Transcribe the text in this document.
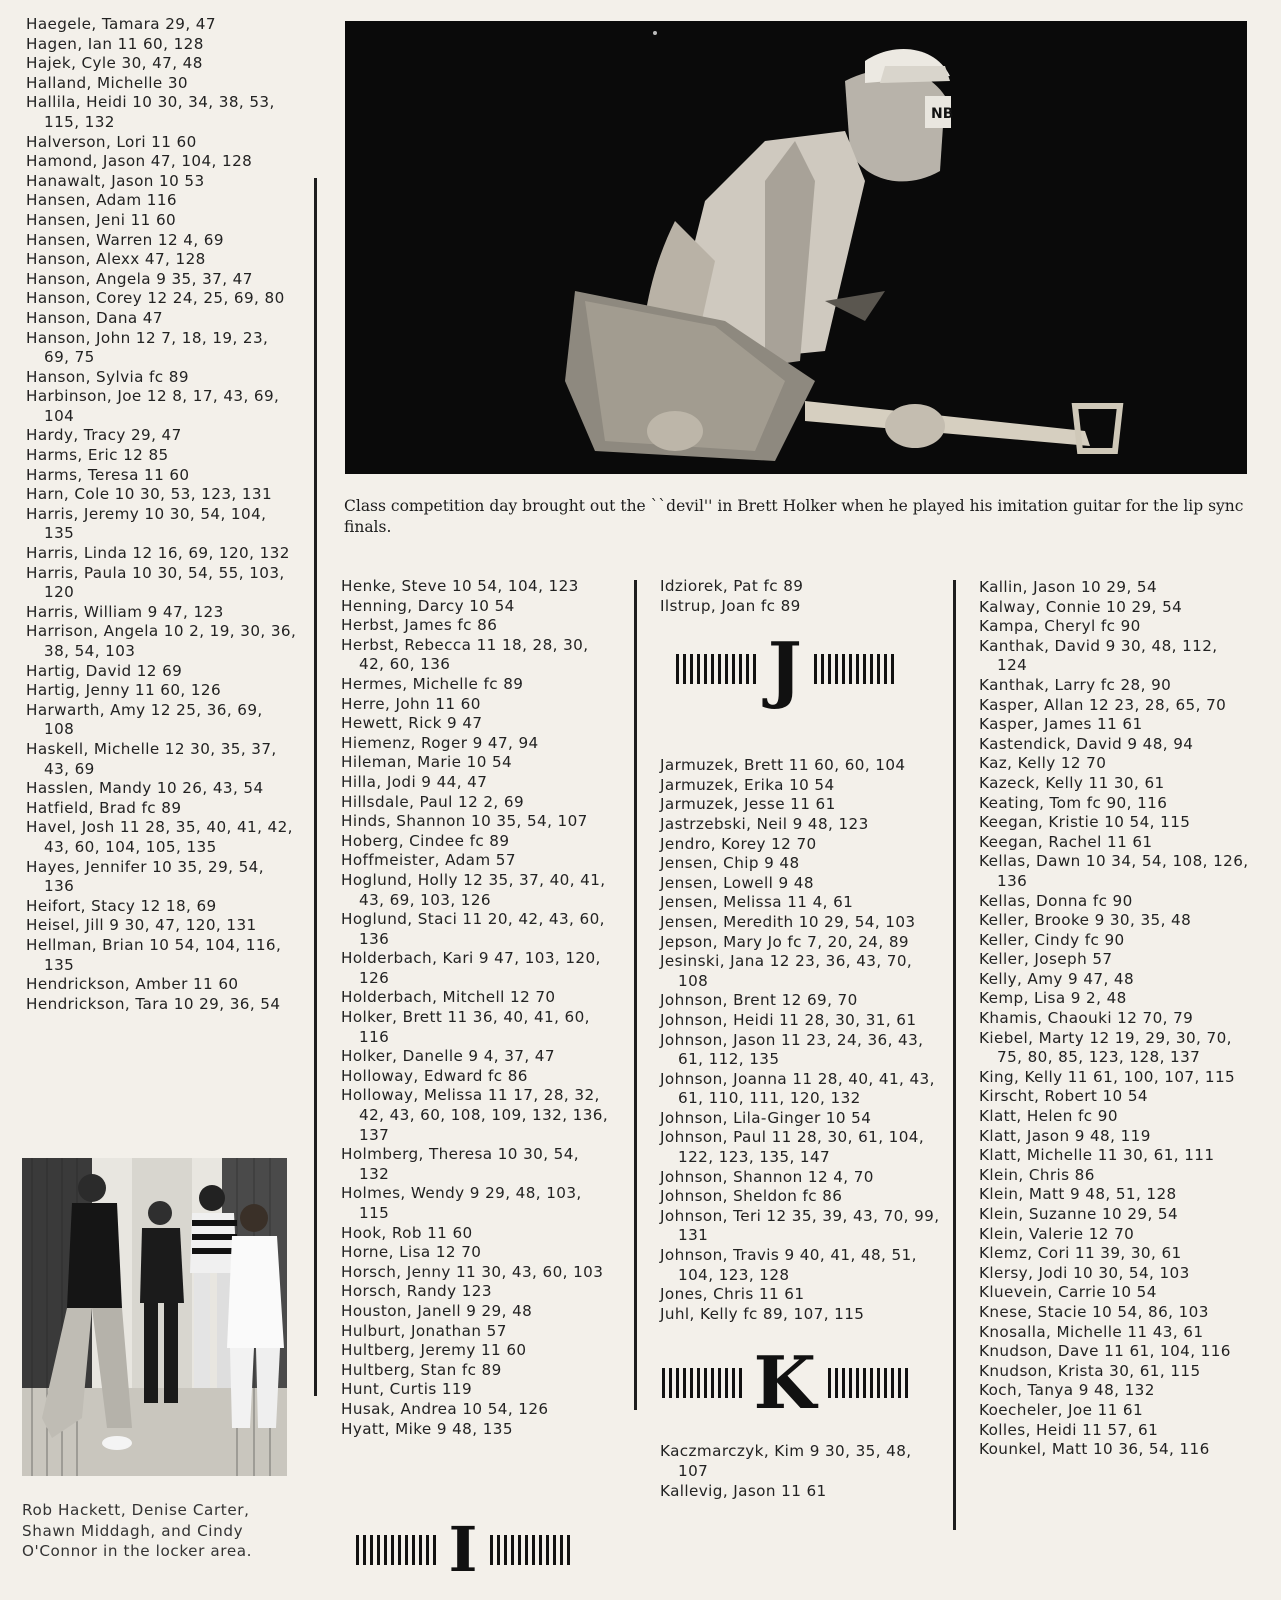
Haegele, Tamara 29, 47

Hagen, Ian 11 60, 128

Hajek, Cyle 30, 47, 48

Halland, Michelle 30

Hallila, Heidi 10 30, 34, 38, 53, 115, 132

Halverson, Lori 11 60

Hamond, Jason 47, 104, 128

Hanawalt, Jason 10 53

Hansen, Adam 116

Hansen, Jeni 11 60

Hansen, Warren 12 4, 69

Hanson, Alexx 47, 128

Hanson, Angela 9 35, 37, 47

Hanson, Corey 12 24, 25, 69, 80

Hanson, Dana 47

Hanson, John 12 7, 18, 19, 23, 69, 75

Hanson, Sylvia fc 89

Harbinson, Joe 12 8, 17, 43, 69, 104

Hardy, Tracy 29, 47

Harms, Eric 12 85

Harms, Teresa 11 60

Harn, Cole 10 30, 53, 123, 131

Harris, Jeremy 10 30, 54, 104, 135

Harris, Linda 12 16, 69, 120, 132

Harris, Paula 10 30, 54, 55, 103, 120

Harris, William 9 47, 123

Harrison, Angela 10 2, 19, 30, 36, 38, 54, 103

Hartig, David 12 69

Hartig, Jenny 11 60, 126

Harwarth, Amy 12 25, 36, 69, 108

Haskell, Michelle 12 30, 35, 37, 43, 69

Hasslen, Mandy 10 26, 43, 54

Hatfield, Brad fc 89

Havel, Josh 11 28, 35, 40, 41, 42, 43, 60, 104, 105, 135

Hayes, Jennifer 10 35, 29, 54, 136

Heifort, Stacy 12 18, 69

Heisel, Jill 9 30, 47, 120, 131

Hellman, Brian 10 54, 104, 116, 135

Hendrickson, Amber 11 60

Hendrickson, Tara 10 29, 36, 54

Rob Hackett, Denise Carter, Shawn Middagh, and Cindy O'Connor in the locker area.
NB
Class competition day brought out the ``devil'' in Brett Holker when he played his imitation guitar for the lip sync finals.

Henke, Steve 10 54, 104, 123

Henning, Darcy 10 54

Herbst, James fc 86

Herbst, Rebecca 11 18, 28, 30, 42, 60, 136

Hermes, Michelle fc 89

Herre, John 11 60

Hewett, Rick 9 47

Hiemenz, Roger 9 47, 94

Hileman, Marie 10 54

Hilla, Jodi 9 44, 47

Hillsdale, Paul 12 2, 69

Hinds, Shannon 10 35, 54, 107

Hoberg, Cindee fc 89

Hoffmeister, Adam 57

Hoglund, Holly 12 35, 37, 40, 41, 43, 69, 103, 126

Hoglund, Staci 11 20, 42, 43, 60, 136

Holderbach, Kari 9 47, 103, 120, 126

Holderbach, Mitchell 12 70

Holker, Brett 11 36, 40, 41, 60, 116

Holker, Danelle 9 4, 37, 47

Holloway, Edward fc 86

Holloway, Melissa 11 17, 28, 32, 42, 43, 60, 108, 109, 132, 136, 137

Holmberg, Theresa 10 30, 54, 132

Holmes, Wendy 9 29, 48, 103, 115

Hook, Rob 11 60

Horne, Lisa 12 70

Horsch, Jenny 11 30, 43, 60, 103

Horsch, Randy 123

Houston, Janell 9 29, 48

Hulburt, Jonathan 57

Hultberg, Jeremy 11 60

Hultberg, Stan fc 89

Hunt, Curtis 119

Husak, Andrea 10 54, 126

Hyatt, Mike 9 48, 135

I

Idziorek, Pat fc 89

Ilstrup, Joan fc 89

J

Jarmuzek, Brett 11 60, 60, 104

Jarmuzek, Erika 10 54

Jarmuzek, Jesse 11 61

Jastrzebski, Neil 9 48, 123

Jendro, Korey 12 70

Jensen, Chip 9 48

Jensen, Lowell 9 48

Jensen, Melissa 11 4, 61

Jensen, Meredith 10 29, 54, 103

Jepson, Mary Jo fc 7, 20, 24, 89

Jesinski, Jana 12 23, 36, 43, 70, 108

Johnson, Brent 12 69, 70

Johnson, Heidi 11 28, 30, 31, 61

Johnson, Jason 11 23, 24, 36, 43, 61, 112, 135

Johnson, Joanna 11 28, 40, 41, 43, 61, 110, 111, 120, 132

Johnson, Lila-Ginger 10 54

Johnson, Paul 11 28, 30, 61, 104, 122, 123, 135, 147

Johnson, Shannon 12 4, 70

Johnson, Sheldon fc 86

Johnson, Teri 12 35, 39, 43, 70, 99, 131

Johnson, Travis 9 40, 41, 48, 51, 104, 123, 128

Jones, Chris 11 61

Juhl, Kelly fc 89, 107, 115

K

Kaczmarczyk, Kim 9 30, 35, 48, 107

Kallevig, Jason 11 61

Kallin, Jason 10 29, 54

Kalway, Connie 10 29, 54

Kampa, Cheryl fc 90

Kanthak, David 9 30, 48, 112, 124

Kanthak, Larry fc 28, 90

Kasper, Allan 12 23, 28, 65, 70

Kasper, James 11 61

Kastendick, David 9 48, 94

Kaz, Kelly 12 70

Kazeck, Kelly 11 30, 61

Keating, Tom fc 90, 116

Keegan, Kristie 10 54, 115

Keegan, Rachel 11 61

Kellas, Dawn 10 34, 54, 108, 126, 136

Kellas, Donna fc 90

Keller, Brooke 9 30, 35, 48

Keller, Cindy fc 90

Keller, Joseph 57

Kelly, Amy 9 47, 48

Kemp, Lisa 9 2, 48

Khamis, Chaouki 12 70, 79

Kiebel, Marty 12 19, 29, 30, 70, 75, 80, 85, 123, 128, 137

King, Kelly 11 61, 100, 107, 115

Kirscht, Robert 10 54

Klatt, Helen fc 90

Klatt, Jason 9 48, 119

Klatt, Michelle 11 30, 61, 111

Klein, Chris 86

Klein, Matt 9 48, 51, 128

Klein, Suzanne 10 29, 54

Klein, Valerie 12 70

Klemz, Cori 11 39, 30, 61

Klersy, Jodi 10 30, 54, 103

Kluevein, Carrie 10 54

Knese, Stacie 10 54, 86, 103

Knosalla, Michelle 11 43, 61

Knudson, Dave 11 61, 104, 116

Knudson, Krista 30, 61, 115

Koch, Tanya 9 48, 132

Koecheler, Joe 11 61

Kolles, Heidi 11 57, 61

Kounkel, Matt 10 36, 54, 116
